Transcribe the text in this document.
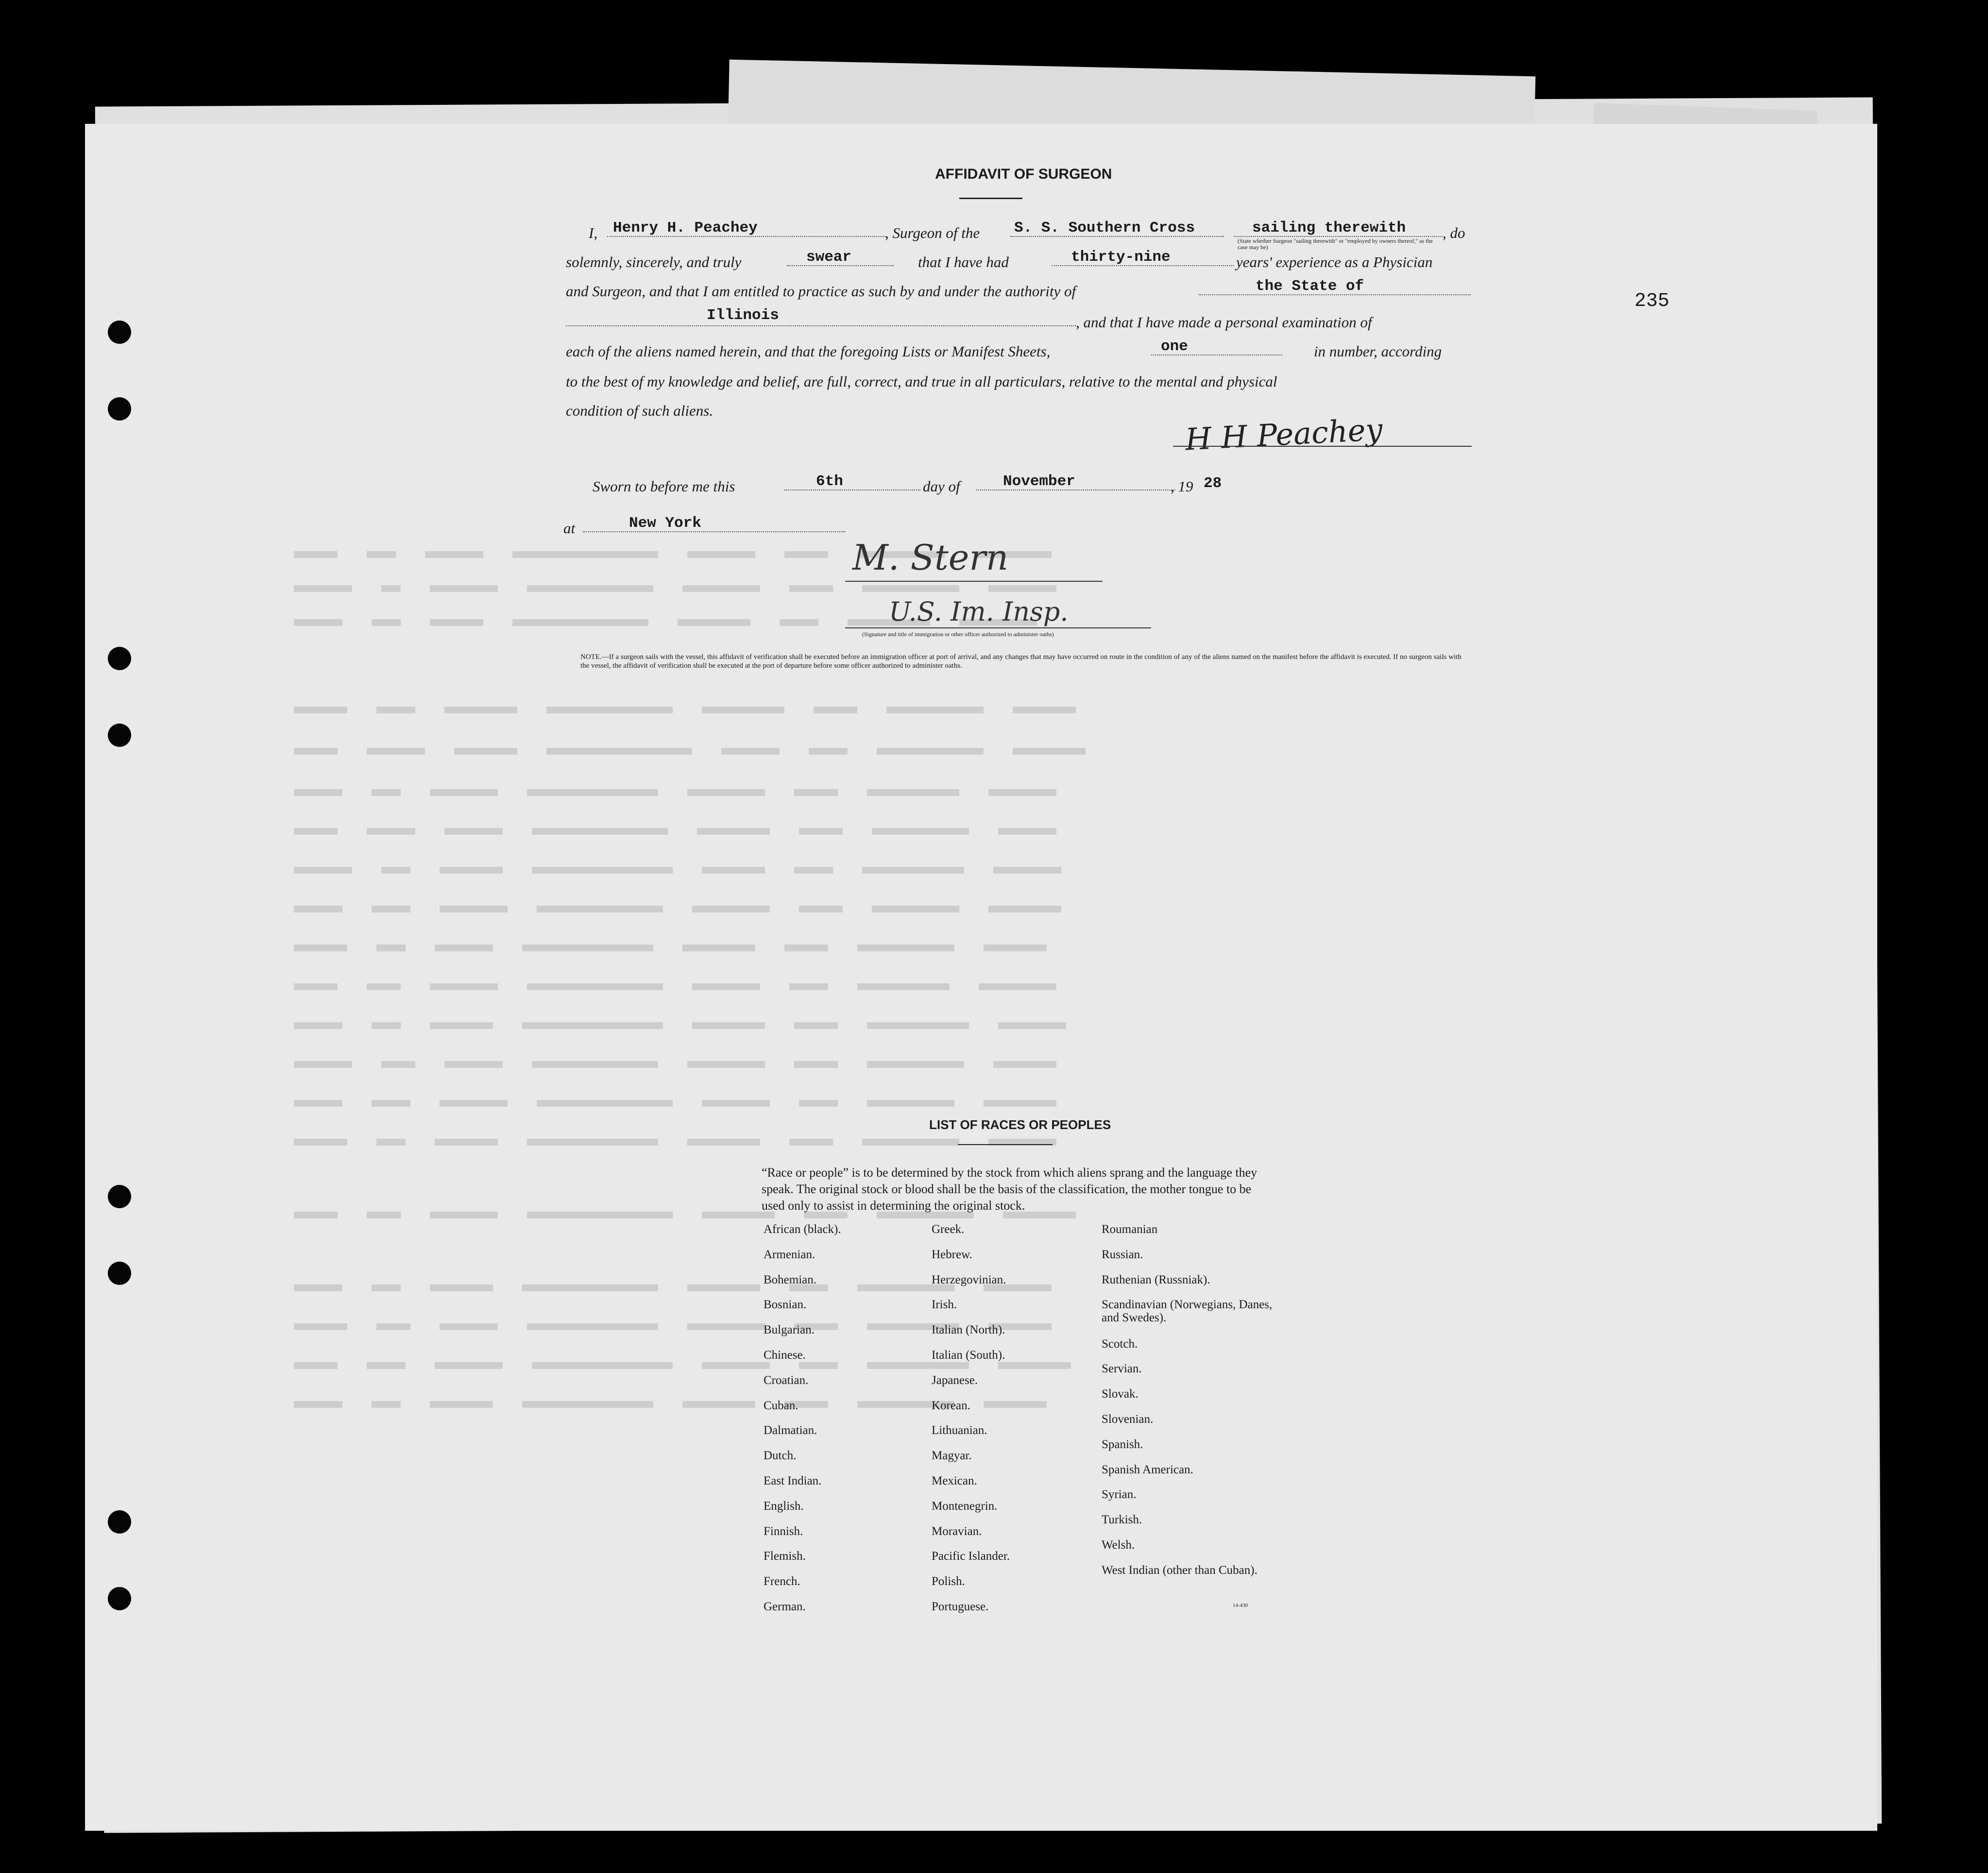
235
AFFIDAVIT OF SURGEON
I, Henry H. Peachey	, Surgeon of the S. S. Southern Cross	sailing therewith
(State whether Surgeon "sailing therewith" or "employed by owners thereof," as the case may be)
, do
solemnly, sincerely, and truly	swear	that I have had	thirty-nine	years' experience as a Physician
and Surgeon, and that I am entitled to practice as such by and under the authority of	the State of
Illinois	, and that I have made a personal examination of
each of the aliens named herein, and that the foregoing Lists or Manifest Sheets,	one	in number, according
to the best of my knowledge and belief, are full, correct, and true in all particulars, relative to the mental and physical
condition of such aliens.
H H Peachey
Sworn to before me this	6th	day of	November	, 19 28
at	New York
M. Stern
U.S. Im. Insp.
(Signature and title of immigration or other officer authorized to administer oaths)
NOTE.—If a surgeon sails with the vessel, this affidavit of verification shall be executed before an immigration officer at port of arrival, and any changes that may have occurred on route in the condition of any of the aliens named on the manifest before the affidavit is executed. If no surgeon sails with the vessel, the affidavit of verification shall be executed at the port of departure before some officer authorized to administer oaths.
LIST OF RACES OR PEOPLES
“Race or people” is to be determined by the stock from which aliens sprang and the language they speak. The original stock or blood shall be the basis of the classification, the mother tongue to be used only to assist in determining the original stock.
African (black).
Armenian.
Bohemian.
Bosnian.
Bulgarian.
Chinese.
Croatian.
Cuban.
Dalmatian.
Dutch.
East Indian.
English.
Finnish.
Flemish.
French.
German.
Greek.
Hebrew.
Herzegovinian.
Irish.
Italian (North).
Italian (South).
Japanese.
Korean.
Lithuanian.
Magyar.
Mexican.
Montenegrin.
Moravian.
Pacific Islander.
Polish.
Portuguese.
Roumanian
Russian.
Ruthenian (Russniak).
Scandinavian (Norwegians, Danes, and Swedes).
Scotch.
Servian.
Slovak.
Slovenian.
Spanish.
Spanish American.
Syrian.
Turkish.
Welsh.
West Indian (other than Cuban).
14-430
